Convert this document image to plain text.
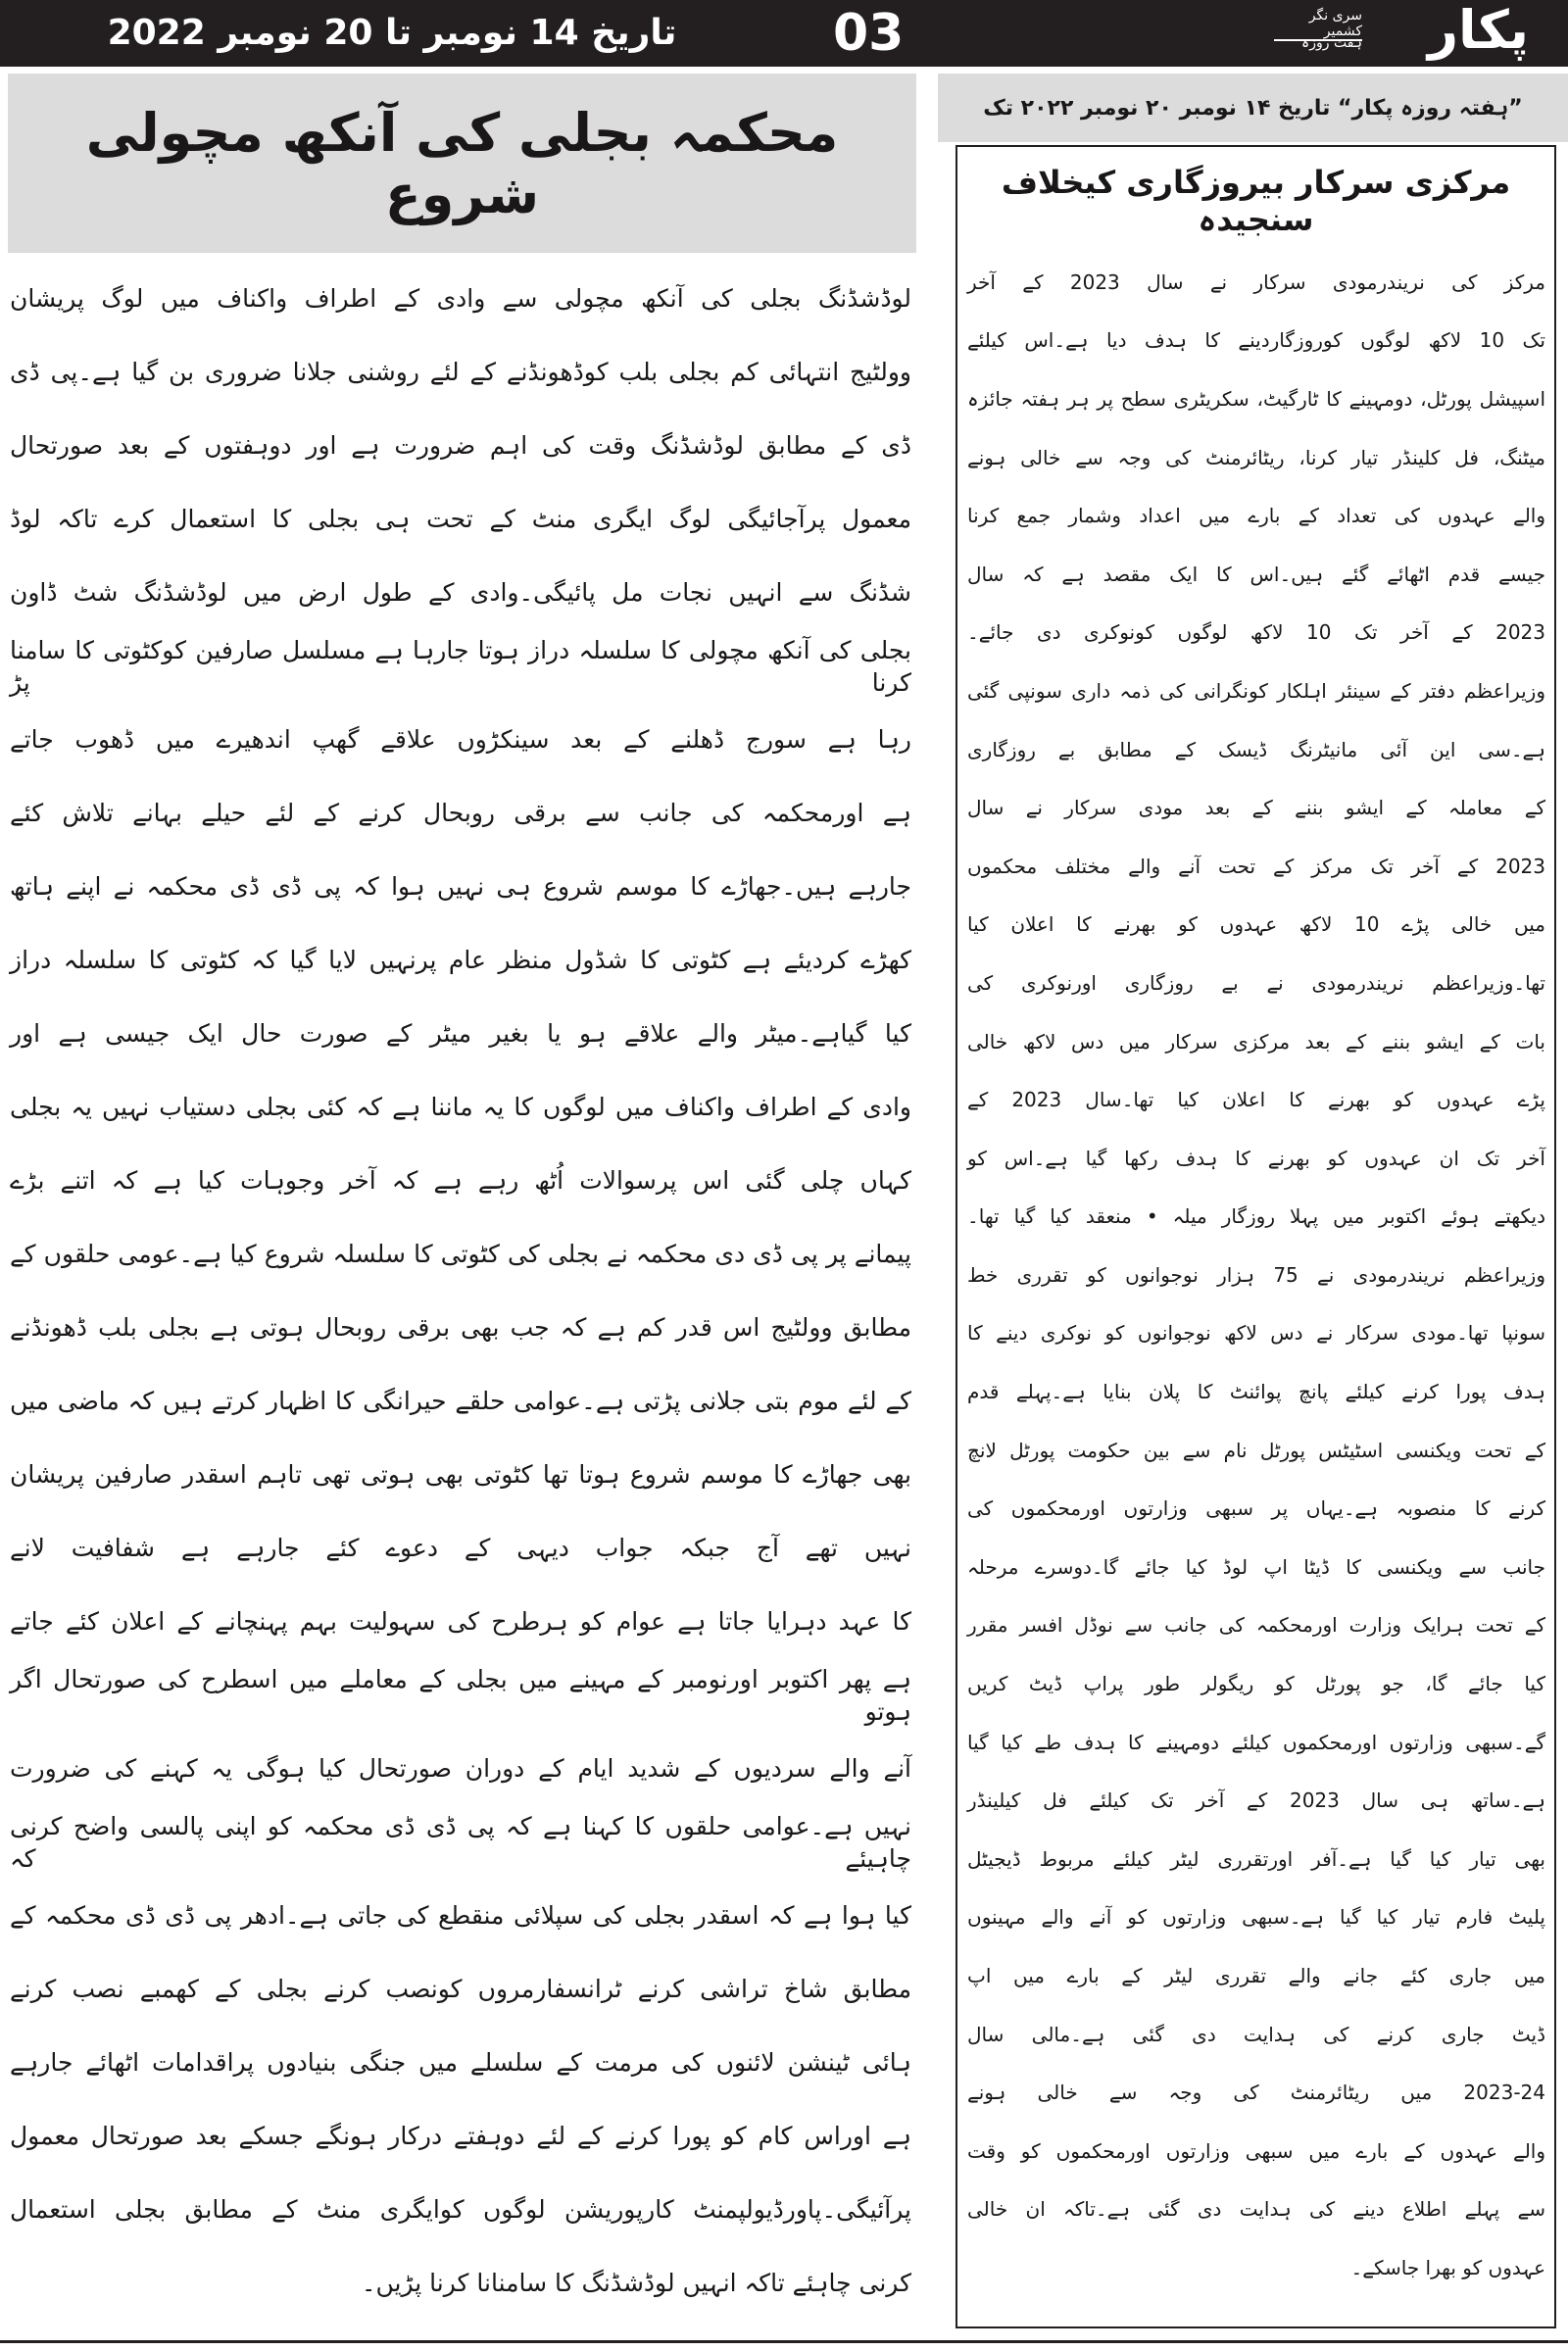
پکار
سری نگر کشمیر
ہفت روزہ
03
تاریخ 14 نومبر تا 20 نومبر 2022
محکمہ بجلی کی آنکھ مچولی شروع
لوڈشڈنگ بجلی کی آنکھ مچولی سے وادی کے اطراف واکناف میں لوگ پریشان
وولٹیج انتہائی کم بجلی بلب کوڈھونڈنے کے لئے روشنی جلانا ضروری بن گیا ہے۔پی ڈی
ڈی کے مطابق لوڈشڈنگ وقت کی اہم ضرورت ہے اور دوہفتوں کے بعد صورتحال
معمول پرآجائیگی لوگ ایگری منٹ کے تحت ہی بجلی کا استعمال کرے تاکہ لوڈ
شڈنگ سے انہیں نجات مل پائیگی۔وادی کے طول ارض میں لوڈشڈنگ شٹ ڈاون
بجلی کی آنکھ مچولی کا سلسلہ دراز ہوتا جارہا ہے مسلسل صارفین کوکٹوتی کا سامنا کرنا پڑ
رہا ہے سورج ڈھلنے کے بعد سینکڑوں علاقے گھپ اندھیرے میں ڈھوب جاتے
ہے اورمحکمہ کی جانب سے برقی روبحال کرنے کے لئے حیلے بہانے تلاش کئے
جارہے ہیں۔جھاڑے کا موسم شروع ہی نہیں ہوا کہ پی ڈی ڈی محکمہ نے اپنے ہاتھ
کھڑے کردیئے ہے کٹوتی کا شڈول منظر عام پرنہیں لایا گیا کہ کٹوتی کا سلسلہ دراز
کیا گیاہے۔میٹر والے علاقے ہو یا بغیر میٹر کے صورت حال ایک جیسی ہے اور
وادی کے اطراف واکناف میں لوگوں کا یہ ماننا ہے کہ کئی بجلی دستیاب نہیں یہ بجلی
کہاں چلی گئی اس پرسوالات اُٹھ رہے ہے کہ آخر وجوہات کیا ہے کہ اتنے بڑے
پیمانے پر پی ڈی دی محکمہ نے بجلی کی کٹوتی کا سلسلہ شروع کیا ہے۔عومی حلقوں کے
مطابق وولٹیج اس قدر کم ہے کہ جب بھی برقی روبحال ہوتی ہے بجلی بلب ڈھونڈنے
کے لئے موم بتی جلانی پڑتی ہے۔عوامی حلقے حیرانگی کا اظہار کرتے ہیں کہ ماضی میں
بھی جھاڑے کا موسم شروع ہوتا تھا کٹوتی بھی ہوتی تھی تاہم اسقدر صارفین پریشان
نہیں تھے آج جبکہ جواب دیہی کے دعوے کئے جارہے ہے شفافیت لانے
کا عہد دہرایا جاتا ہے عوام کو ہرطرح کی سہولیت بہم پہنچانے کے اعلان کئے جاتے
ہے پھر اکتوبر اورنومبر کے مہینے میں بجلی کے معاملے میں اسطرح کی صورتحال اگر ہوتو
آنے والے سردیوں کے شدید ایام کے دوران صورتحال کیا ہوگی یہ کہنے کی ضرورت
نہیں ہے۔عوامی حلقوں کا کہنا ہے کہ پی ڈی ڈی محکمہ کو اپنی پالسی واضح کرنی چاہیئے کہ
کیا ہوا ہے کہ اسقدر بجلی کی سپلائی منقطع کی جاتی ہے۔ادھر پی ڈی ڈی محکمہ کے
مطابق شاخ تراشی کرنے ٹرانسفارمروں کونصب کرنے بجلی کے کھمبے نصب کرنے
ہائی ٹینشن لائنوں کی مرمت کے سلسلے میں جنگی بنیادوں پراقدامات اٹھائے جارہے
ہے اوراس کام کو پورا کرنے کے لئے دوہفتے درکار ہونگے جسکے بعد صورتحال معمول
پرآئیگی۔پاورڈیولپمنٹ کارپوریشن لوگوں کوایگری منٹ کے مطابق بجلی استعمال
کرنی چاہئے تاکہ انہیں لوڈشڈنگ کا سامنانا کرنا پڑیں۔
”ہفتہ روزہ پکار“ تاریخ ۱۴ نومبر ۲۰ نومبر ۲۰۲۲ تک
مرکزی سرکار بیروزگاری کیخلاف سنجیدہ
مرکز کی نریندرمودی سرکار نے سال 2023 کے آخر
تک 10 لاکھ لوگوں کوروزگاردینے کا ہدف دیا ہے۔اس کیلئے
اسپیشل پورٹل، دومہینے کا ٹارگیٹ، سکریٹری سطح پر ہر ہفتہ جائزہ
میٹنگ، فل کلینڈر تیار کرنا، ریٹائرمنٹ کی وجہ سے خالی ہونے
والے عہدوں کی تعداد کے بارے میں اعداد وشمار جمع کرنا
جیسے قدم اٹھائے گئے ہیں۔اس کا ایک مقصد ہے کہ سال
2023 کے آخر تک 10 لاکھ لوگوں کونوکری دی جائے۔
وزیراعظم دفتر کے سینئر اہلکار کونگرانی کی ذمہ داری سونپی گئی
ہے۔سی این آئی مانیٹرنگ ڈیسک کے مطابق بے روزگاری
کے معاملہ کے ایشو بننے کے بعد مودی سرکار نے سال
2023 کے آخر تک مرکز کے تحت آنے والے مختلف محکموں
میں خالی پڑے 10 لاکھ عہدوں کو بھرنے کا اعلان کیا
تھا۔وزیراعظم نریندرمودی نے بے روزگاری اورنوکری کی
بات کے ایشو بننے کے بعد مرکزی سرکار میں دس لاکھ خالی
پڑے عہدوں کو بھرنے کا اعلان کیا تھا۔سال 2023 کے
آخر تک ان عہدوں کو بھرنے کا ہدف رکھا گیا ہے۔اس کو
دیکھتے ہوئے اکتوبر میں پہلا روزگار میلہ • منعقد کیا گیا تھا۔
وزیراعظم نریندرمودی نے 75 ہزار نوجوانوں کو تقرری خط
سونپا تھا۔مودی سرکار نے دس لاکھ نوجوانوں کو نوکری دینے کا
ہدف پورا کرنے کیلئے پانچ پوائنٹ کا پلان بنایا ہے۔پہلے قدم
کے تحت ویکنسی اسٹیٹس پورٹل نام سے بین حکومت پورٹل لانچ
کرنے کا منصوبہ ہے۔یہاں پر سبھی وزارتوں اورمحکموں کی
جانب سے ویکنسی کا ڈیٹا اپ لوڈ کیا جائے گا۔دوسرے مرحلہ
کے تحت ہرایک وزارت اورمحکمہ کی جانب سے نوڈل افسر مقرر
کیا جائے گا، جو پورٹل کو ریگولر طور پراپ ڈیٹ کریں
گے۔سبھی وزارتوں اورمحکموں کیلئے دومہینے کا ہدف طے کیا گیا
ہے۔ساتھ ہی سال 2023 کے آخر تک کیلئے فل کیلینڈر
بھی تیار کیا گیا ہے۔آفر اورتقرری لیٹر کیلئے مربوط ڈیجیٹل
پلیٹ فارم تیار کیا گیا ہے۔سبھی وزارتوں کو آنے والے مہینوں
میں جاری کئے جانے والے تقرری لیٹر کے بارے میں اپ
ڈیٹ جاری کرنے کی ہدایت دی گئی ہے۔مالی سال
2023-24 میں ریٹائرمنٹ کی وجہ سے خالی ہونے
والے عہدوں کے بارے میں سبھی وزارتوں اورمحکموں کو وقت
سے پہلے اطلاع دینے کی ہدایت دی گئی ہے۔تاکہ ان خالی
عہدوں کو بھرا جاسکے۔
